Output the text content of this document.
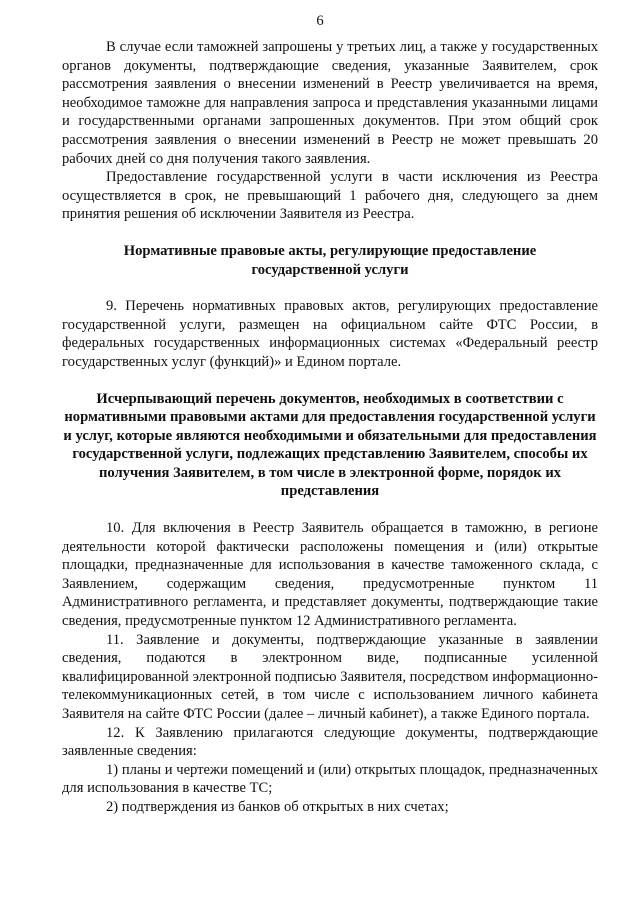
6

В случае если таможней запрошены у третьих лиц, а также у государственных органов документы, подтверждающие сведения, указанные Заявителем, срок рассмотрения заявления о внесении изменений в Реестр увеличивается на время, необходимое таможне для направления запроса и представления указанными лицами и государственными органами запрошенных документов. При этом общий срок рассмотрения заявления о внесении изменений в Реестр не может превышать 20 рабочих дней со дня получения такого заявления.

Предоставление государственной услуги в части исключения из Реестра осуществляется в срок, не превышающий 1 рабочего дня, следующего за днем принятия решения об исключении Заявителя из Реестра.

Нормативные правовые акты, регулирующие предоставление государственной услуги

9. Перечень нормативных правовых актов, регулирующих предоставление государственной услуги, размещен на официальном сайте ФТС России, в федеральных государственных информационных системах «Федеральный реестр государственных услуг (функций)» и Едином портале.

Исчерпывающий перечень документов, необходимых в соответствии с нормативными правовыми актами для предоставления государственной услуги и услуг, которые являются необходимыми и обязательными для предоставления государственной услуги, подлежащих представлению Заявителем, способы их получения Заявителем, в том числе в электронной форме, порядок их представления

10. Для включения в Реестр Заявитель обращается в таможню, в регионе деятельности которой фактически расположены помещения и (или) открытые площадки, предназначенные для использования в качестве таможенного склада, с Заявлением, содержащим сведения, предусмотренные пунктом 11 Административного регламента, и представляет документы, подтверждающие такие сведения, предусмотренные пунктом 12 Административного регламента.

11. Заявление и документы, подтверждающие указанные в заявлении сведения, подаются в электронном виде, подписанные усиленной квалифицированной электронной подписью Заявителя, посредством информационно-телекоммуникационных сетей, в том числе с использованием личного кабинета Заявителя на сайте ФТС России (далее – личный кабинет), а также Единого портала.

12. К Заявлению прилагаются следующие документы, подтверждающие заявленные сведения:

1) планы и чертежи помещений и (или) открытых площадок, предназначенных для использования в качестве ТС;

2) подтверждения из банков об открытых в них счетах;
